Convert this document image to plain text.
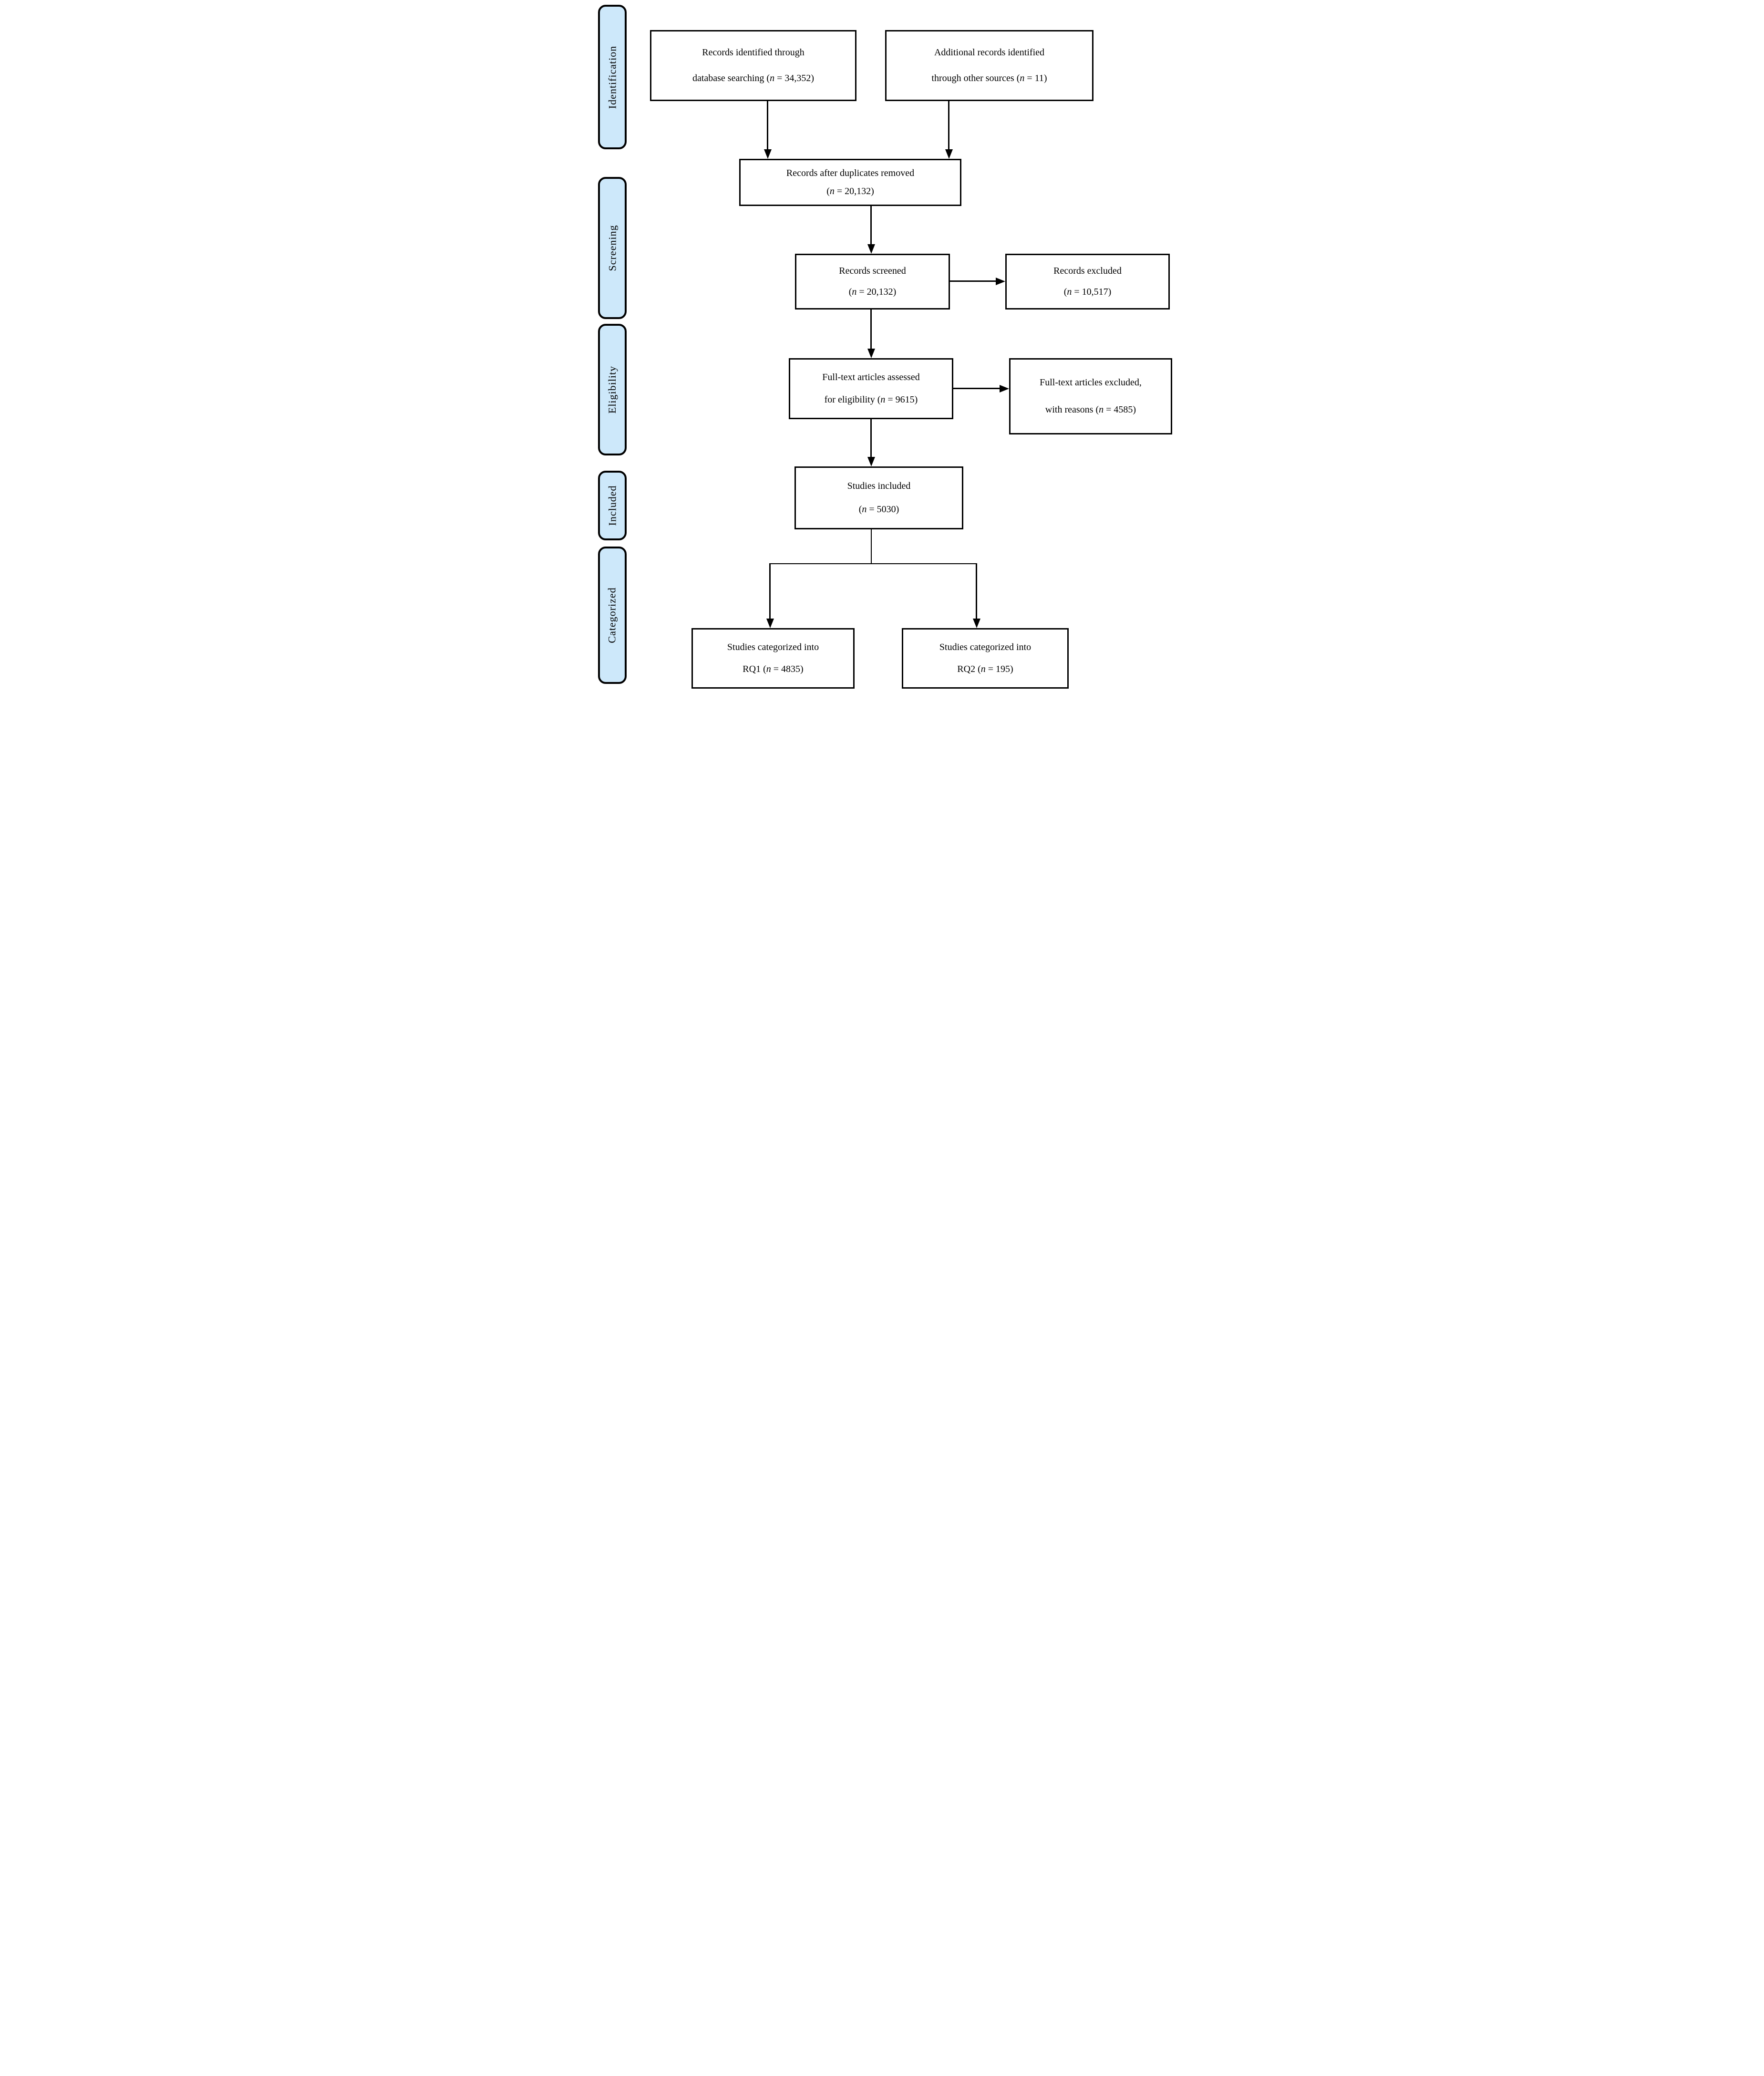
Identification
Screening
Eligibility
Included
Categorized
Records identified through
database searching (n = 34,352)
Additional records identified
through other sources (n = 11)
Records after duplicates removed
(n = 20,132)
Records screened
(n = 20,132)
Records excluded
(n = 10,517)
Full-text articles assessed
for eligibility (n = 9615)
Full-text articles excluded,
with reasons (n = 4585)
Studies included
(n = 5030)
Studies categorized into
RQ1 (n = 4835)
Studies categorized into
RQ2 (n = 195)
